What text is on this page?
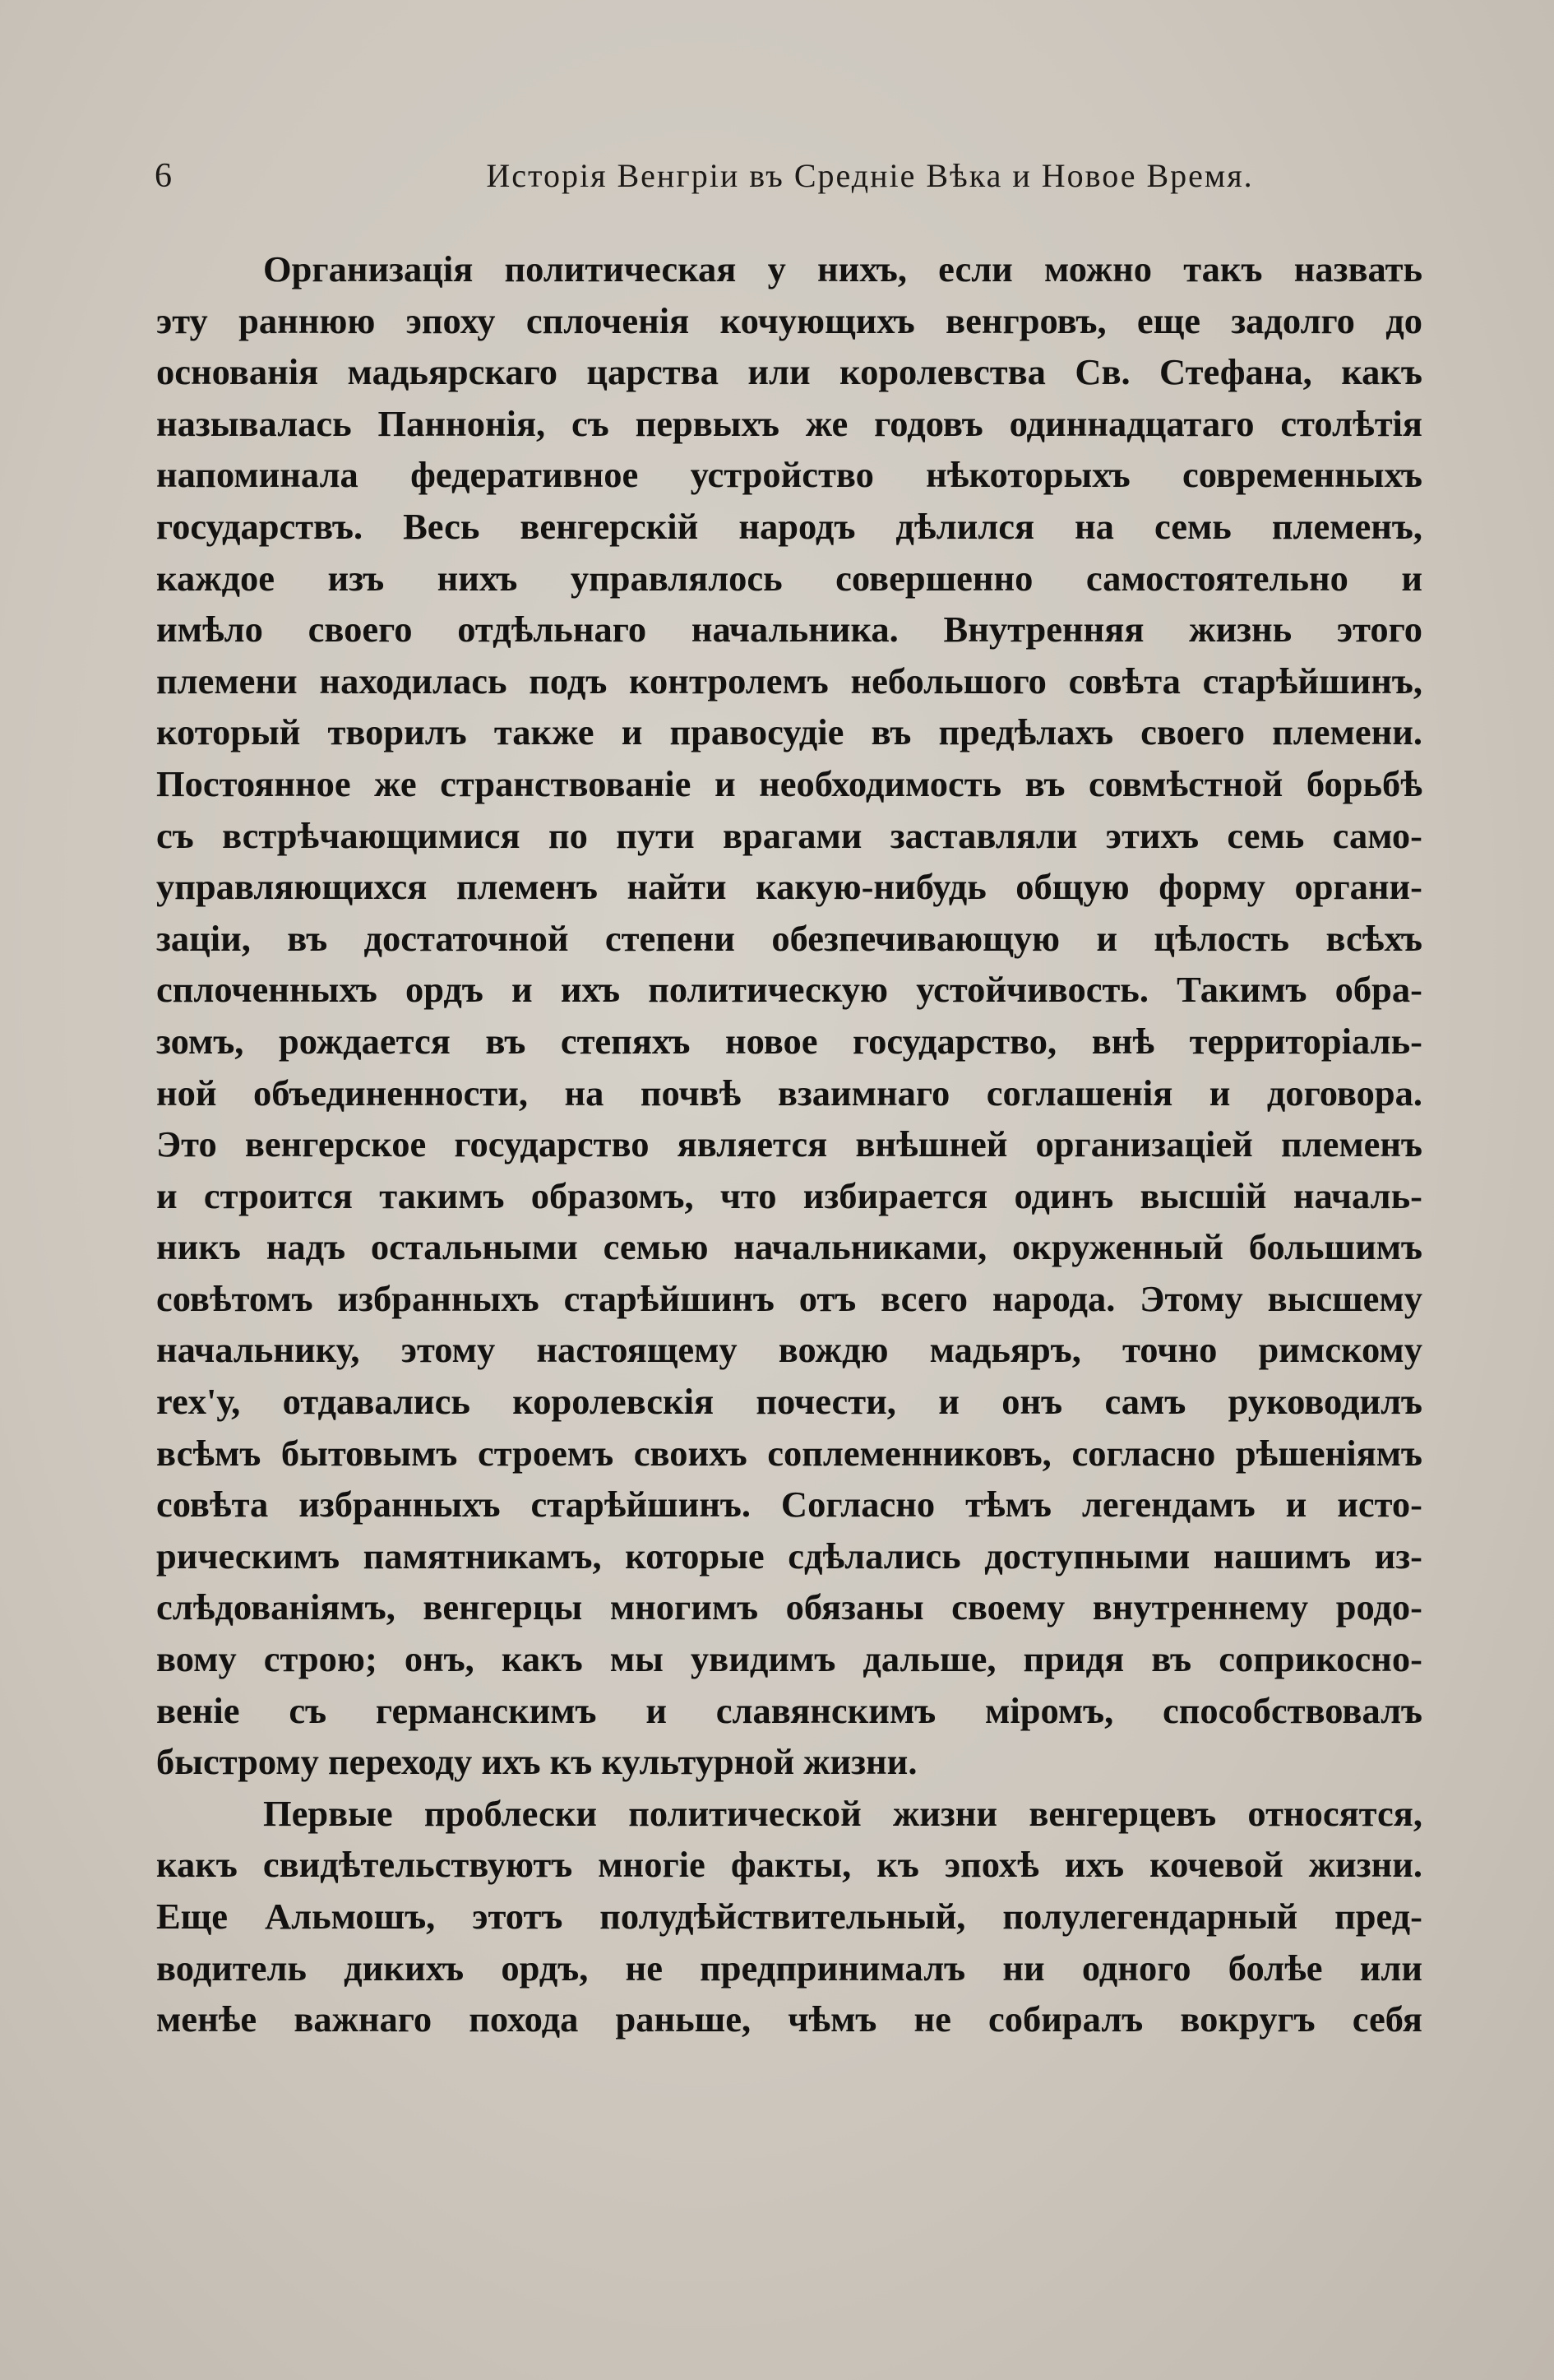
6	Исторія Венгріи въ Средніе Вѣка и Новое Время.
Организація политическая у нихъ, если можно такъ назвать
эту раннюю эпоху сплоченія кочующихъ венгровъ, еще задолго до
основанія мадьярскаго царства или королевства Св. Стефана, какъ
называлась Паннонія, съ первыхъ же годовъ одиннадцатаго столѣтія
напоминала федеративное устройство нѣкоторыхъ современныхъ
государствъ. Весь венгерскій народъ дѣлился на семь племенъ,
каждое изъ нихъ управлялось совершенно самостоятельно и
имѣло своего отдѣльнаго начальника. Внутренняя жизнь этого
племени находилась подъ контролемъ небольшого совѣта старѣйшинъ,
который творилъ также и правосудіе въ предѣлахъ своего племени.
Постоянное же странствованіе и необходимость въ совмѣстной борьбѣ
съ встрѣчающимися по пути врагами заставляли этихъ семь само-
управляющихся племенъ найти какую-нибудь общую форму органи-
заціи, въ достаточной степени обезпечивающую и цѣлость всѣхъ
сплоченныхъ ордъ и ихъ политическую устойчивость. Такимъ обра-
зомъ, рождается въ степяхъ новое государство, внѣ территоріаль-
ной объединенности, на почвѣ взаимнаго соглашенія и договора.
Это венгерское государство является внѣшней организаціей племенъ
и строится такимъ образомъ, что избирается одинъ высшій началь-
никъ надъ остальными семью начальниками, окруженный большимъ
совѣтомъ избранныхъ старѣйшинъ отъ всего народа. Этому высшему
начальнику, этому настоящему вождю мадьяръ, точно римскому
rex'у, отдавались королевскія почести, и онъ самъ руководилъ
всѣмъ бытовымъ строемъ своихъ соплеменниковъ, согласно рѣшеніямъ
совѣта избранныхъ старѣйшинъ. Согласно тѣмъ легендамъ и исто-
рическимъ памятникамъ, которые сдѣлались доступными нашимъ из-
слѣдованіямъ, венгерцы многимъ обязаны своему внутреннему родо-
вому строю; онъ, какъ мы увидимъ дальше, придя въ соприкосно-
веніе съ германскимъ и славянскимъ міромъ, способствовалъ
быстрому переходу ихъ къ культурной жизни.
Первые проблески политической жизни венгерцевъ относятся,
какъ свидѣтельствуютъ многіе факты, къ эпохѣ ихъ кочевой жизни.
Еще Альмошъ, этотъ полудѣйствительный, полулегендарный пред-
водитель дикихъ ордъ, не предпринималъ ни одного болѣе или
менѣе важнаго похода раньше, чѣмъ не собиралъ вокругъ себя
